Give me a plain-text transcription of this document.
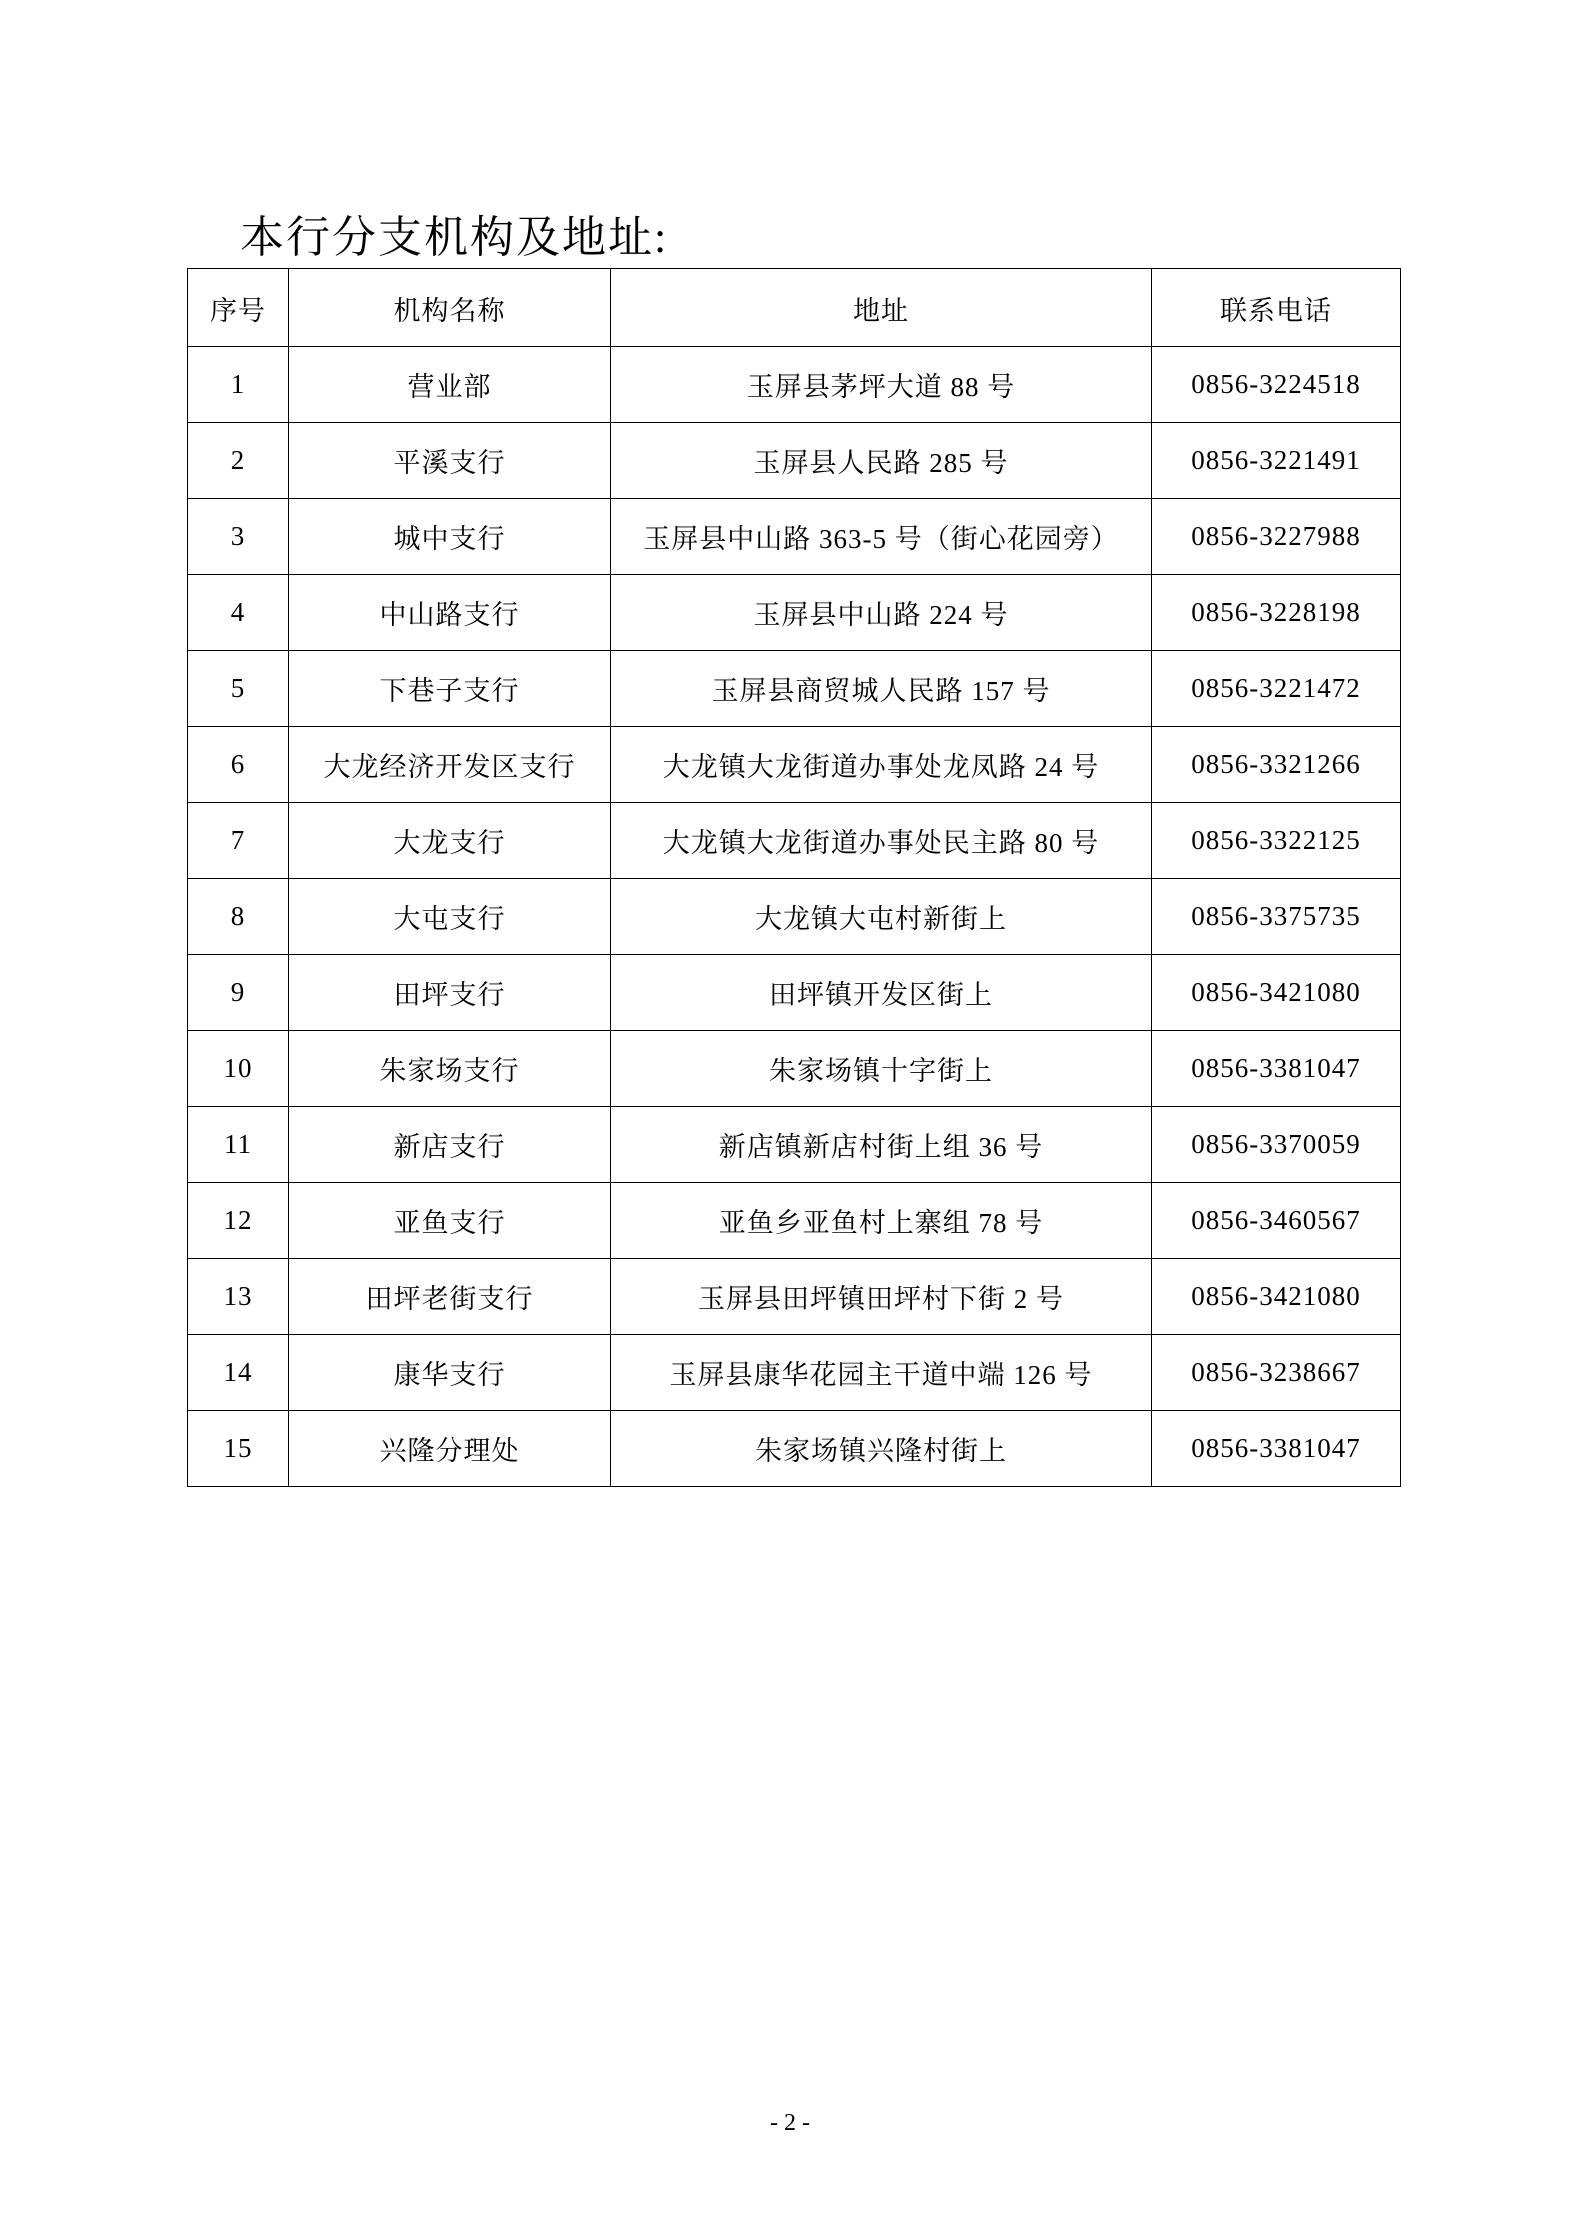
本行分支机构及地址:
序号	机构名称	地址	联系电话
1	营业部	玉屏县茅坪大道 88 号	0856-3224518
2	平溪支行	玉屏县人民路 285 号	0856-3221491
3	城中支行	玉屏县中山路 363-5 号（街心花园旁）	0856-3227988
4	中山路支行	玉屏县中山路 224 号	0856-3228198
5	下巷子支行	玉屏县商贸城人民路 157 号	0856-3221472
6	大龙经济开发区支行	大龙镇大龙街道办事处龙凤路 24 号	0856-3321266
7	大龙支行	大龙镇大龙街道办事处民主路 80 号	0856-3322125
8	大屯支行	大龙镇大屯村新街上	0856-3375735
9	田坪支行	田坪镇开发区街上	0856-3421080
10	朱家场支行	朱家场镇十字街上	0856-3381047
11	新店支行	新店镇新店村街上组 36 号	0856-3370059
12	亚鱼支行	亚鱼乡亚鱼村上寨组 78 号	0856-3460567
13	田坪老街支行	玉屏县田坪镇田坪村下街 2 号	0856-3421080
14	康华支行	玉屏县康华花园主干道中端 126 号	0856-3238667
15	兴隆分理处	朱家场镇兴隆村街上	0856-3381047
- 2 -
